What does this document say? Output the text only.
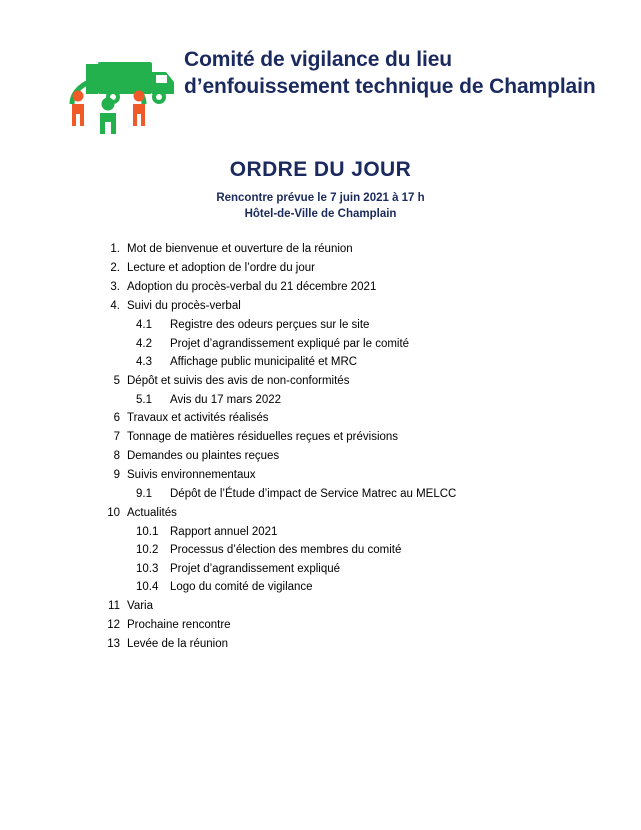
Comité de vigilance du lieu d’enfouissement technique de Champlain
ORDRE DU JOUR
Rencontre prévue le 7 juin 2021 à 17 h
Hôtel-de-Ville de Champlain
1. Mot de bienvenue et ouverture de la réunion
2. Lecture et adoption de l’ordre du jour
3. Adoption du procès-verbal du 21 décembre 2021
4. Suivi du procès-verbal
4.1	Registre des odeurs perçues sur le site
4.2	Projet d’agrandissement expliqué par le comité
4.3	Affichage public municipalité et MRC
5 Dépôt et suivis des avis de non-conformités
5.1	Avis du 17 mars 2022
6 Travaux et activités réalisés
7 Tonnage de matières résiduelles reçues et prévisions
8 Demandes ou plaintes reçues
9 Suivis environnementaux
9.1	Dépôt de l’Étude d’impact de Service Matrec au MELCC
10 Actualités
10.1 Rapport annuel 2021
10.2 Processus d’élection des membres du comité
10.3 Projet d’agrandissement expliqué
10.4 Logo du comité de vigilance
11 Varia
12 Prochaine rencontre
13 Levée de la réunion
